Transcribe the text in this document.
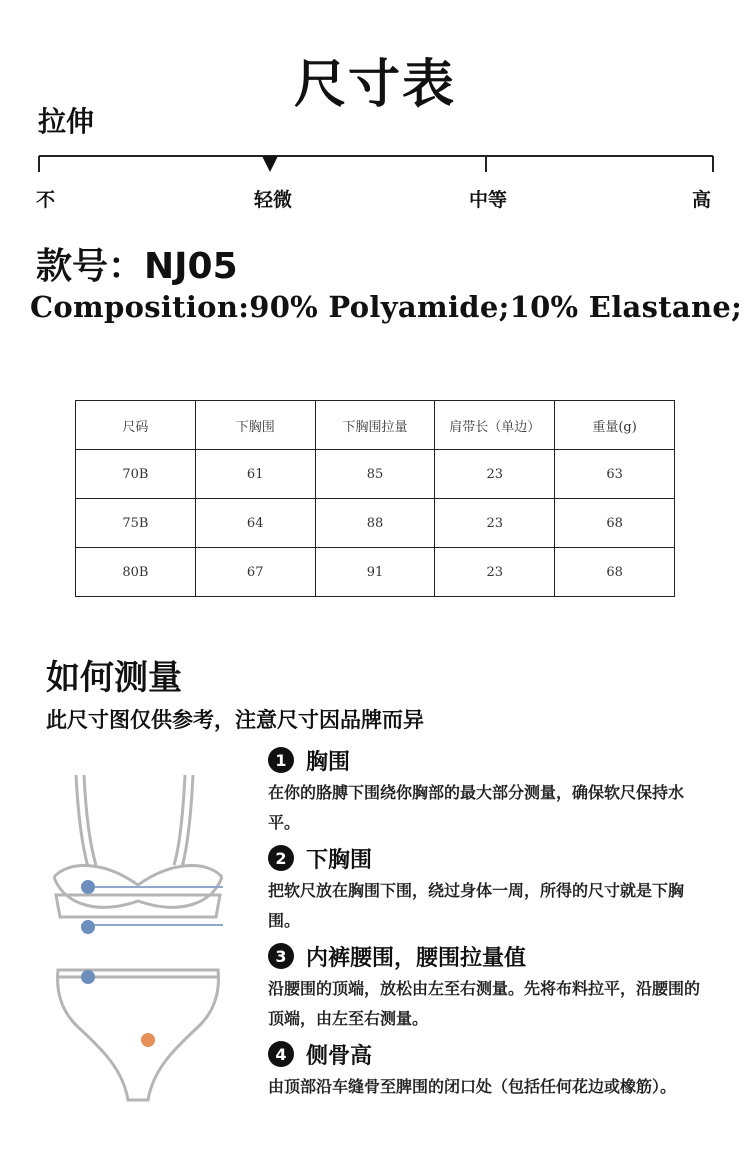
尺寸表
拉伸
不	轻微	中等	高
款号：NJ05
Composition:90% Polyamide;10% Elastane;
尺码	下胸围	下胸围拉量	肩带长（单边）	重量(g)
70B	61	85	23	63
75B	64	88	23	68
80B	67	91	23	68
如何测量
此尺寸图仅供参考，注意尺寸因品牌而异
1 胸围
在你的胳膊下围绕你胸部的最大部分测量，确保软尺保持水平。
2 下胸围
把软尺放在胸围下围，绕过身体一周，所得的尺寸就是下胸围。
3 内裤腰围，腰围拉量值
沿腰围的顶端，放松由左至右测量。先将布料拉平，沿腰围的顶端，由左至右测量。
4 侧骨高
由顶部沿车缝骨至脾围的闭口处（包括任何花边或橡筋）。
